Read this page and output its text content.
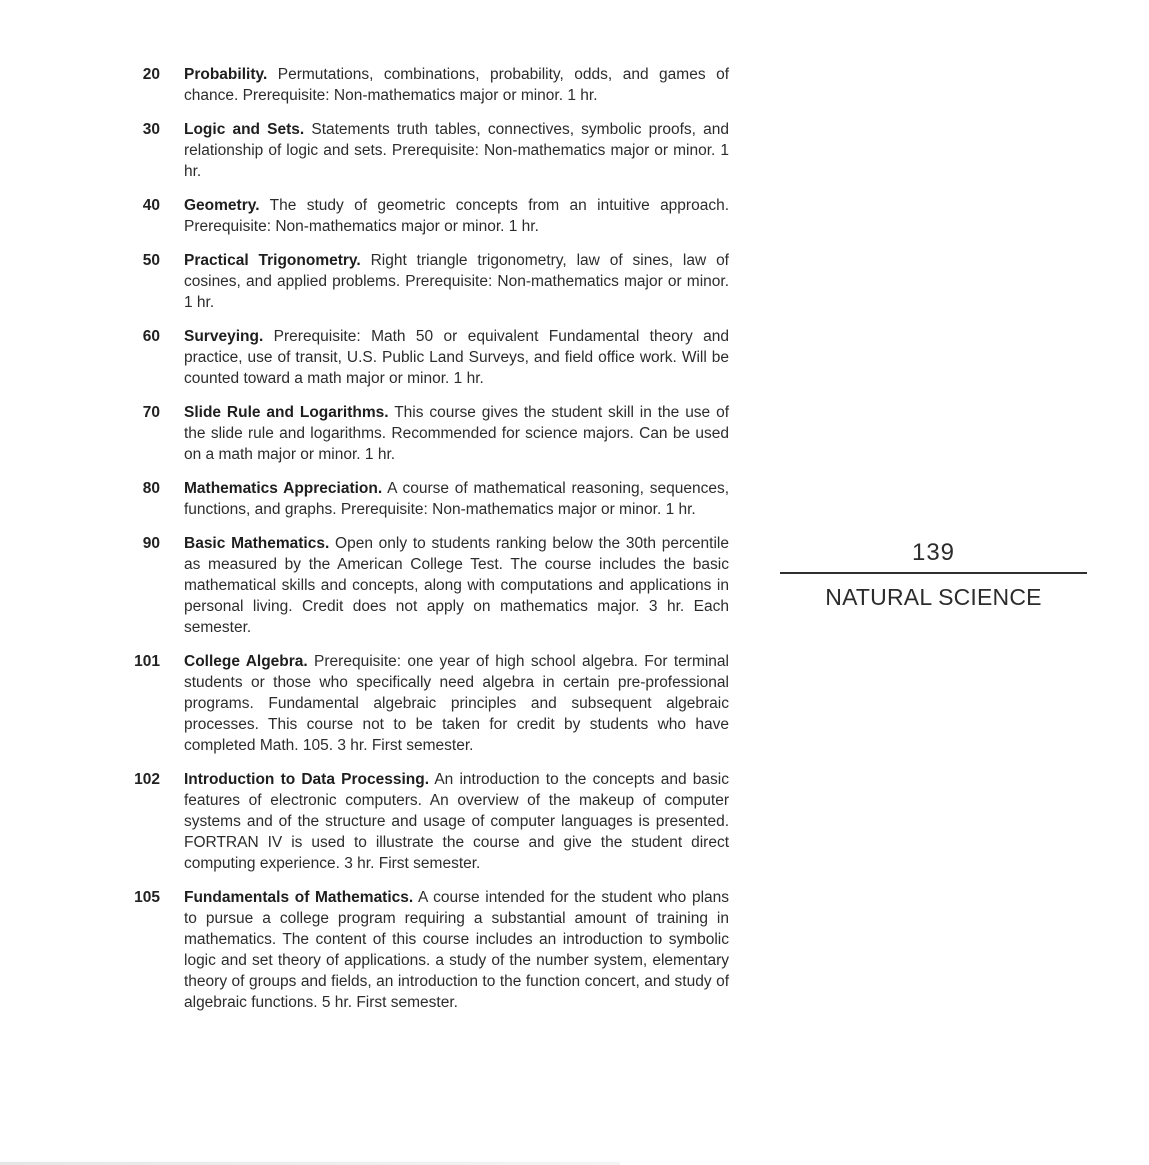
20 Probability. Permutations, combinations, probability, odds, and games of chance. Prerequisite: Non-mathematics major or minor. 1 hr.
30 Logic and Sets. Statements truth tables, connectives, symbolic proofs, and relationship of logic and sets. Prerequisite: Non-mathematics major or minor. 1 hr.
40 Geometry. The study of geometric concepts from an intuitive approach. Prerequisite: Non-mathematics major or minor. 1 hr.
50 Practical Trigonometry. Right triangle trigonometry, law of sines, law of cosines, and applied problems. Prerequisite: Non-mathematics major or minor. 1 hr.
60 Surveying. Prerequisite: Math 50 or equivalent Fundamental theory and practice, use of transit, U.S. Public Land Surveys, and field office work. Will be counted toward a math major or minor. 1 hr.
70 Slide Rule and Logarithms. This course gives the student skill in the use of the slide rule and logarithms. Recommended for science majors. Can be used on a math major or minor. 1 hr.
80 Mathematics Appreciation. A course of mathematical reasoning, sequences, functions, and graphs. Prerequisite: Non-mathematics major or minor. 1 hr.
90 Basic Mathematics. Open only to students ranking below the 30th percentile as measured by the American College Test. The course includes the basic mathematical skills and concepts, along with computations and applications in personal living. Credit does not apply on mathematics major. 3 hr. Each semester.
101 College Algebra. Prerequisite: one year of high school algebra. For terminal students or those who specifically need algebra in certain pre-professional programs. Fundamental algebraic principles and subsequent algebraic processes. This course not to be taken for credit by students who have completed Math. 105. 3 hr. First semester.
102 Introduction to Data Processing. An introduction to the concepts and basic features of electronic computers. An overview of the makeup of computer systems and of the structure and usage of computer languages is presented. FORTRAN IV is used to illustrate the course and give the student direct computing experience. 3 hr. First semester.
105 Fundamentals of Mathematics. A course intended for the student who plans to pursue a college program requiring a substantial amount of training in mathematics. The content of this course includes an introduction to symbolic logic and set theory of applications. a study of the number system, elementary theory of groups and fields, an introduction to the function concert, and study of algebraic functions. 5 hr. First semester.
139
NATURAL SCIENCE
